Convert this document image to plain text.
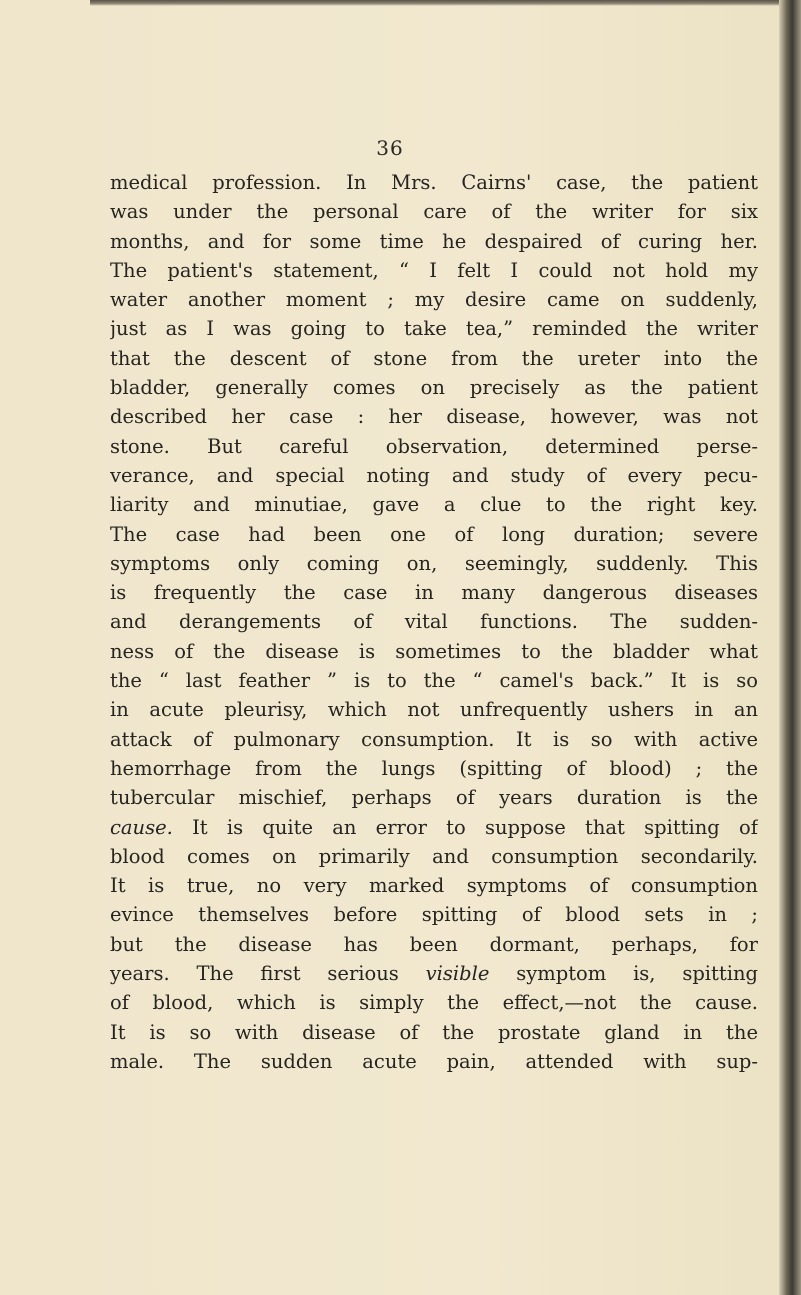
36
medical profession. In Mrs. Cairns' case, the patient
was under the personal care of the writer for six
months, and for some time he despaired of curing her.
The patient's statement, “ I felt I could not hold my
water another moment ; my desire came on suddenly,
just as I was going to take tea,” reminded the writer
that the descent of stone from the ureter into the
bladder, generally comes on precisely as the patient
described her case : her disease, however, was not
stone. But careful observation, determined perse-
verance, and special noting and study of every pecu-
liarity and minutiae, gave a clue to the right key.
The case had been one of long duration; severe
symptoms only coming on, seemingly, suddenly. This
is frequently the case in many dangerous diseases
and derangements of vital functions. The sudden-
ness of the disease is sometimes to the bladder what
the “ last feather ” is to the “ camel's back.” It is so
in acute pleurisy, which not unfrequently ushers in an
attack of pulmonary consumption. It is so with active
hemorrhage from the lungs (spitting of blood) ; the
tubercular mischief, perhaps of years duration is the
cause. It is quite an error to suppose that spitting of
blood comes on primarily and consumption secondarily.
It is true, no very marked symptoms of consumption
evince themselves before spitting of blood sets in ;
but the disease has been dormant, perhaps, for
years. The first serious visible symptom is, spitting
of blood, which is simply the effect,—not the cause.
It is so with disease of the prostate gland in the
male. The sudden acute pain, attended with sup-
